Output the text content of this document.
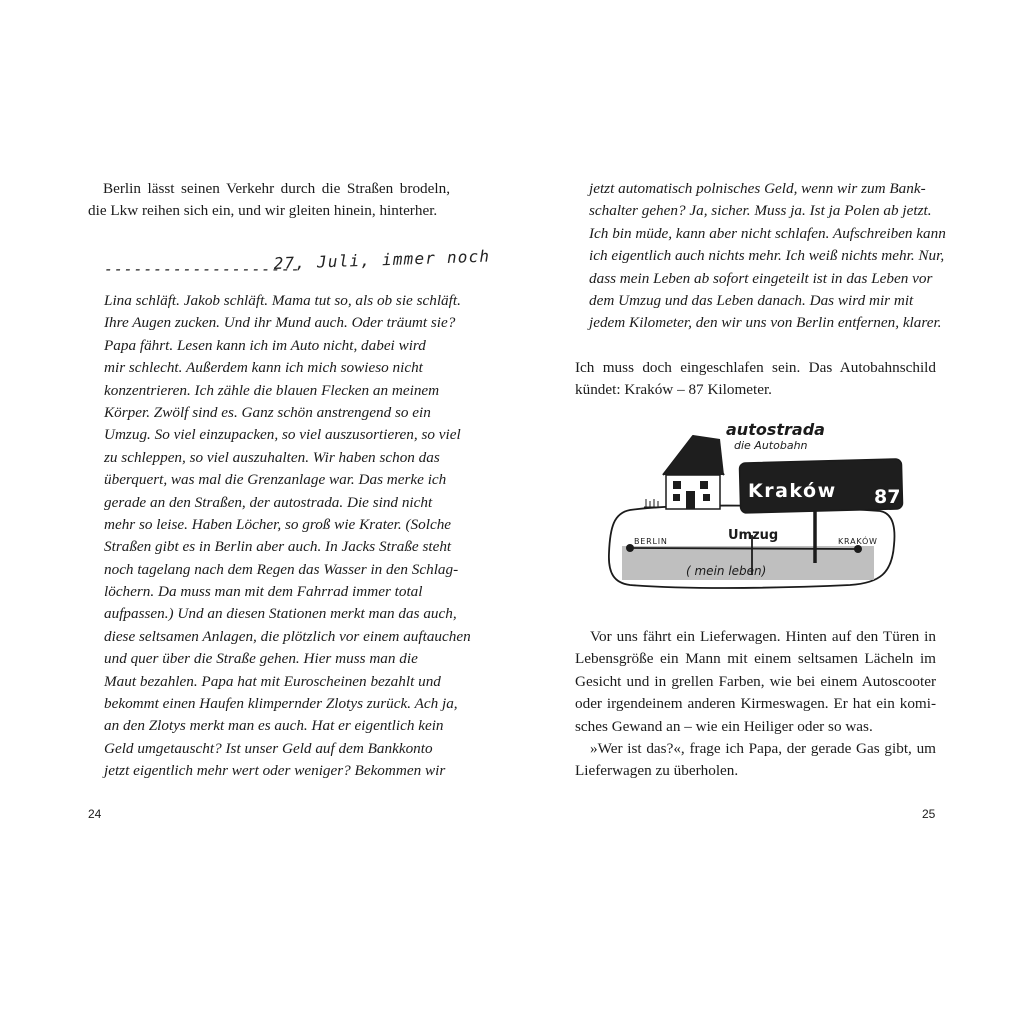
Berlin lässt seinen Verkehr durch die Straßen brodeln,
die Lkw reihen sich ein, und wir gleiten hinein, hinterher.
--------------------
27, Juli, immer noch
Lina schläft. Jakob schläft. Mama tut so, als ob sie schläft.
Ihre Augen zucken. Und ihr Mund auch. Oder träumt sie?
Papa fährt. Lesen kann ich im Auto nicht, dabei wird
mir schlecht. Außerdem kann ich mich sowieso nicht
konzentrieren. Ich zähle die blauen Flecken an meinem
Körper. Zwölf sind es. Ganz schön anstrengend so ein
Umzug. So viel einzupacken, so viel auszusortieren, so viel
zu schleppen, so viel auszuhalten. Wir haben schon das
überquert, was mal die Grenzanlage war. Das merke ich
gerade an den Straßen, der autostrada. Die sind nicht
mehr so leise. Haben Löcher, so groß wie Krater. (Solche
Straßen gibt es in Berlin aber auch. In Jacks Straße steht
noch tagelang nach dem Regen das Wasser in den Schlag-
löchern. Da muss man mit dem Fahrrad immer total
aufpassen.) Und an diesen Stationen merkt man das auch,
diese seltsamen Anlagen, die plötzlich vor einem auftauchen
und quer über die Straße gehen. Hier muss man die
Maut bezahlen. Papa hat mit Euroscheinen bezahlt und
bekommt einen Haufen klimpernder Zlotys zurück. Ach ja,
an den Zlotys merkt man es auch. Hat er eigentlich kein
Geld umgetauscht? Ist unser Geld auf dem Bankkonto
jetzt eigentlich mehr wert oder weniger? Bekommen wir
24
jetzt automatisch polnisches Geld, wenn wir zum Bank-
schalter gehen? Ja, sicher. Muss ja. Ist ja Polen ab jetzt.
Ich bin müde, kann aber nicht schlafen. Aufschreiben kann
ich eigentlich auch nichts mehr. Ich weiß nichts mehr. Nur,
dass mein Leben ab sofort eingeteilt ist in das Leben vor
dem Umzug und das Leben danach. Das wird mir mit
jedem Kilometer, den wir uns von Berlin entfernen, klarer.
Ich muss doch eingeschlafen sein. Das Autobahnschild
kündet: Kraków – 87 Kilometer.
autostrada
die Autobahn
Kraków 87
Umzug
( mein leben)
BERLIN	KRAKÓW
Vor uns fährt ein Lieferwagen. Hinten auf den Türen in
Lebensgröße ein Mann mit einem seltsamen Lächeln im
Gesicht und in grellen Farben, wie bei einem Autoscooter
oder irgendeinem anderen Kirmeswagen. Er hat ein komi-
sches Gewand an – wie ein Heiliger oder so was.
»Wer ist das?«, frage ich Papa, der gerade Gas gibt, um
Lieferwagen zu überholen.
25
